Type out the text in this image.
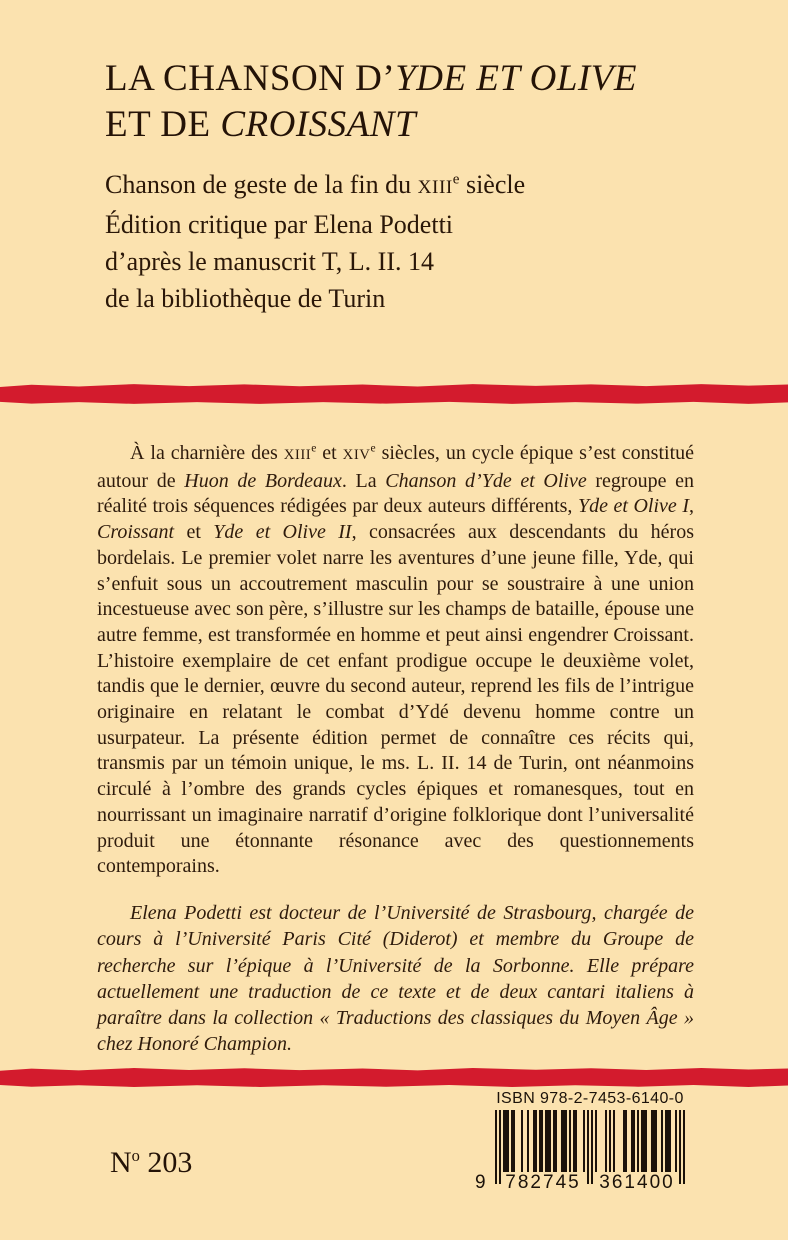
LA CHANSON D’YDE ET OLIVE
ET DE CROISSANT
Chanson de geste de la fin du XIIIe siècle
Édition critique par Elena Podetti
d’après le manuscrit T, L. II. 14
de la bibliothèque de Turin

À la charnière des XIIIe et XIVe siècles, un cycle épique s’est constitué autour de Huon de Bordeaux. La Chanson d’Yde et Olive regroupe en réalité trois séquences rédigées par deux auteurs différents, Yde et Olive I, Croissant et Yde et Olive II, consacrées aux descendants du héros bordelais. Le premier volet narre les aventures d’une jeune fille, Yde, qui s’enfuit sous un accoutrement masculin pour se soustraire à une union incestueuse avec son père, s’illustre sur les champs de bataille, épouse une autre femme, est transformée en homme et peut ainsi engendrer Croissant. L’histoire exemplaire de cet enfant prodigue occupe le deuxième volet, tandis que le dernier, œuvre du second auteur, reprend les fils de l’intrigue originaire en relatant le combat d’Ydé devenu homme contre un usurpateur. La présente édition permet de connaître ces récits qui, transmis par un témoin unique, le ms. L. II. 14 de Turin, ont néanmoins circulé à l’ombre des grands cycles épiques et romanesques, tout en nourrissant un imaginaire narratif d’origine folklorique dont l’universalité produit une étonnante résonance avec des questionnements contemporains.

Elena Podetti est docteur de l’Université de Strasbourg, chargée de cours à l’Université Paris Cité (Diderot) et membre du Groupe de recherche sur l’épique à l’Université de la Sorbonne. Elle prépare actuellement une traduction de ce texte et de deux cantari italiens à paraître dans la collection « Traductions des classiques du Moyen Âge » chez Honoré Champion.

ISBN 978-2-7453-6140-0
9 782745 361400
$N^o$ 203
